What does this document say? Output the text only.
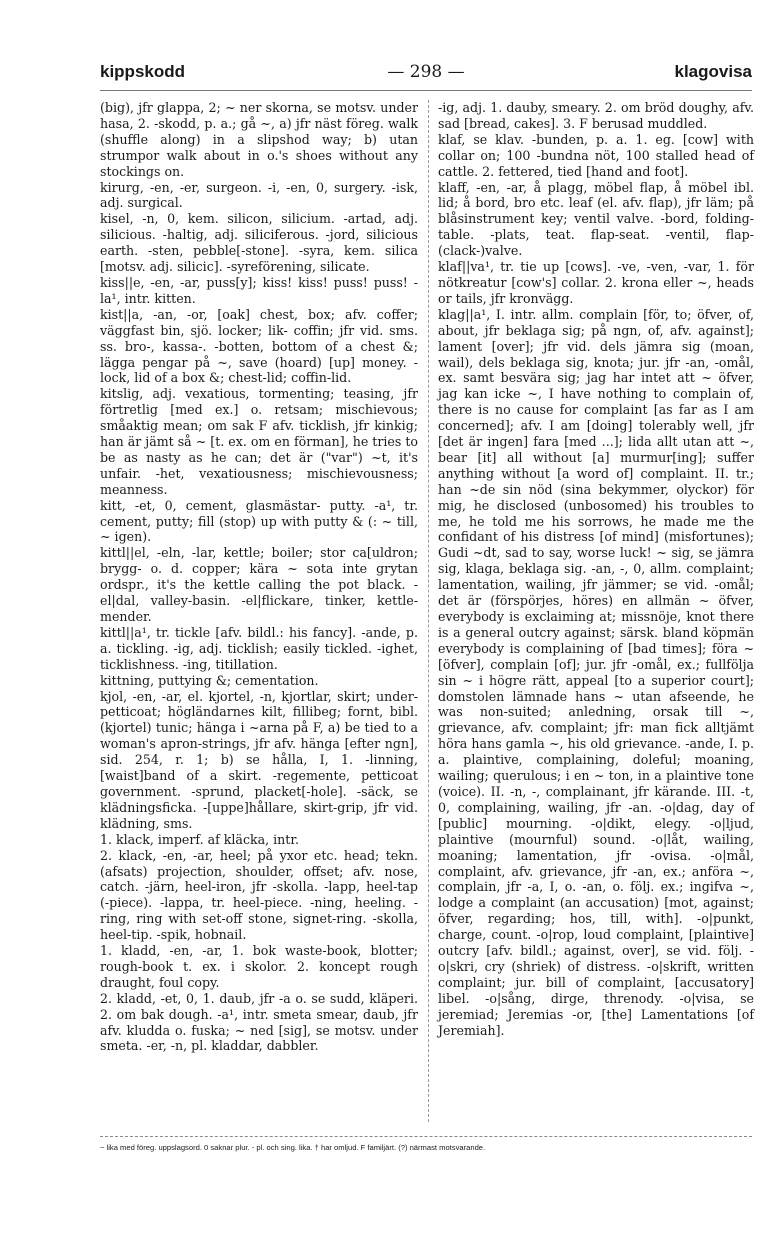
kippskodd	— 298 —	klagovisa

(big), jfr glappa, 2; ~ ner skorna, se motsv. under hasa, 2. -skodd, p. a.; gå ~, a) jfr näst föreg. walk (shuffle along) in a slipshod way; b) utan strumpor walk about in o.'s shoes without any stockings on.

kirurg, -en, -er, surgeon. -i, -en, 0, surgery. -isk, adj. surgical.

kisel, -n, 0, kem. silicon, silicium. -artad, adj. silicious. -haltig, adj. siliciferous. -jord, silicious earth. -sten, pebble[-stone]. -syra, kem. silica [motsv. adj. silicic]. -syreförening, silicate.

kiss||e, -en, -ar, puss[y]; kiss! kiss! puss! puss! -la¹, intr. kitten.

kist||a, -an, -or, [oak] chest, box; afv. coffer; väggfast bin, sjö. locker; lik- coffin; jfr vid. sms. ss. bro-, kassa-. -botten, bottom of a chest &; lägga pengar på ~, save (hoard) [up] money. -lock, lid of a box &; chest-lid; coffin-lid.

kitslig, adj. vexatious, tormenting; teasing, jfr förtretlig [med ex.] o. retsam; mischievous; småaktig mean; om sak F afv. ticklish, jfr kinkig; han är jämt så ~ [t. ex. om en förman], he tries to be as nasty as he can; det är ("var") ~t, it's unfair. -het, vexatiousness; mischievousness; meanness.

kitt, -et, 0, cement, glasmästar- putty. -a¹, tr. cement, putty; fill (stop) up with putty & (: ~ till, ~ igen).

kittl||el, -eln, -lar, kettle; boiler; stor ca[uldron; brygg- o. d. copper; kära ~ sota inte grytan ordspr., it's the kettle calling the pot black. -el|dal, valley-basin. -el|flickare, tinker, kettle-mender.

kittl||a¹, tr. tickle [afv. bildl.: his fancy]. -ande, p. a. tickling. -ig, adj. ticklish; easily tickled. -ighet, ticklishness. -ing, titillation.

kittning, puttying &; cementation.

kjol, -en, -ar, el. kjortel, -n, kjortlar, skirt; under- petticoat; högländarnes kilt, fillibeg; fornt, bibl. (kjortel) tunic; hänga i ~arna på F, a) be tied to a woman's apron-strings, jfr afv. hänga [efter ngn], sid. 254, r. 1; b) se hålla, I, 1. -linning, [waist]band of a skirt. -regemente, petticoat government. -sprund, placket[-hole]. -säck, se klädningsficka. -[uppe]hållare, skirt-grip, jfr vid. klädning, sms.

1. klack, imperf. af kläcka, intr.

2. klack, -en, -ar, heel; på yxor etc. head; tekn. (afsats) projection, shoulder, offset; afv. nose, catch. -järn, heel-iron, jfr -skolla. -lapp, heel-tap (-piece). -lappa, tr. heel-piece. -ning, heeling. -ring, ring with set-off stone, signet-ring. -skolla, heel-tip. -spik, hobnail.

1. kladd, -en, -ar, 1. bok waste-book, blotter; rough-book t. ex. i skolor. 2. koncept rough draught, foul copy.

2. kladd, -et, 0, 1. daub, jfr -a o. se sudd, kläperi. 2. om bak dough. -a¹, intr. smeta smear, daub, jfr afv. kludda o. fuska; ~ ned [sig], se motsv. under smeta. -er, -n, pl. kladdar, dabbler.

-ig, adj. 1. dauby, smeary. 2. om bröd doughy, afv. sad [bread, cakes]. 3. F berusad muddled.

klaf, se klav. -bunden, p. a. 1. eg. [cow] with collar on; 100 -bundna nöt, 100 stalled head of cattle. 2. fettered, tied [hand and foot].

klaff, -en, -ar, å plagg, möbel flap, å möbel ibl. lid; å bord, bro etc. leaf (el. afv. flap), jfr läm; på blåsinstrument key; ventil valve. -bord, folding-table. -plats, teat. flap-seat. -ventil, flap-(clack-)valve.

klaf||va¹, tr. tie up [cows]. -ve, -ven, -var, 1. för nötkreatur [cow's] collar. 2. krona eller ~, heads or tails, jfr kronvägg.

klag||a¹, I. intr. allm. complain [för, to; öfver, of, about, jfr beklaga sig; på ngn, of, afv. against]; lament [over]; jfr vid. dels jämra sig (moan, wail), dels beklaga sig, knota; jur. jfr -an, -omål, ex. samt besvära sig; jag har intet att ~ öfver, jag kan icke ~, I have nothing to complain of, there is no cause for complaint [as far as I am concerned]; afv. I am [doing] tolerably well, jfr [det är ingen] fara [med ...]; lida allt utan att ~, bear [it] all without [a] murmur[ing]; suffer anything without [a word of] complaint. II. tr.; han ~de sin nöd (sina bekymmer, olyckor) för mig, he disclosed (unbosomed) his troubles to me, he told me his sorrows, he made me the confidant of his distress [of mind] (misfortunes); Gudi ~dt, sad to say, worse luck! ~ sig, se jämra sig, klaga, beklaga sig. -an, -, 0, allm. complaint; lamentation, wailing, jfr jämmer; se vid. -omål; det är (förspörjes, höres) en allmän ~ öfver, everybody is exclaiming at; missnöje, knot there is a general outcry against; särsk. bland köpmän everybody is complaining of [bad times]; föra ~ [öfver], complain [of]; jur. jfr -omål, ex.; fullfölja sin ~ i högre rätt, appeal [to a superior court]; domstolen lämnade hans ~ utan afseende, he was non-suited; anledning, orsak till ~, grievance, afv. complaint; jfr: man fick alltjämt höra hans gamla ~, his old grievance. -ande, I. p. a. plaintive, complaining, doleful; moaning, wailing; querulous; i en ~ ton, in a plaintive tone (voice). II. -n, -, complainant, jfr kärande. III. -t, 0, complaining, wailing, jfr -an. -o|dag, day of [public] mourning. -o|dikt, elegy. -o|ljud, plaintive (mournful) sound. -o|låt, wailing, moaning; lamentation, jfr -ovisa. -o|mål, complaint, afv. grievance, jfr -an, ex.; anföra ~, complain, jfr -a, I, o. -an, o. följ. ex.; ingifva ~, lodge a complaint (an accusation) [mot, against; öfver, regarding; hos, till, with]. -o|punkt, charge, count. -o|rop, loud complaint, [plaintive] outcry [afv. bildl.; against, over], se vid. följ. -o|skri, cry (shriek) of distress. -o|skrift, written complaint; jur. bill of complaint, [accusatory] libel. -o|sång, dirge, threnody. -o|visa, se jeremiad; Jeremias -or, [the] Lamentations [of Jeremiah].

~ lika med föreg. uppslagsord. 0 saknar plur. - pl. och sing. lika. † har omljud. F familjärt. (?) närmast motsvarande.
